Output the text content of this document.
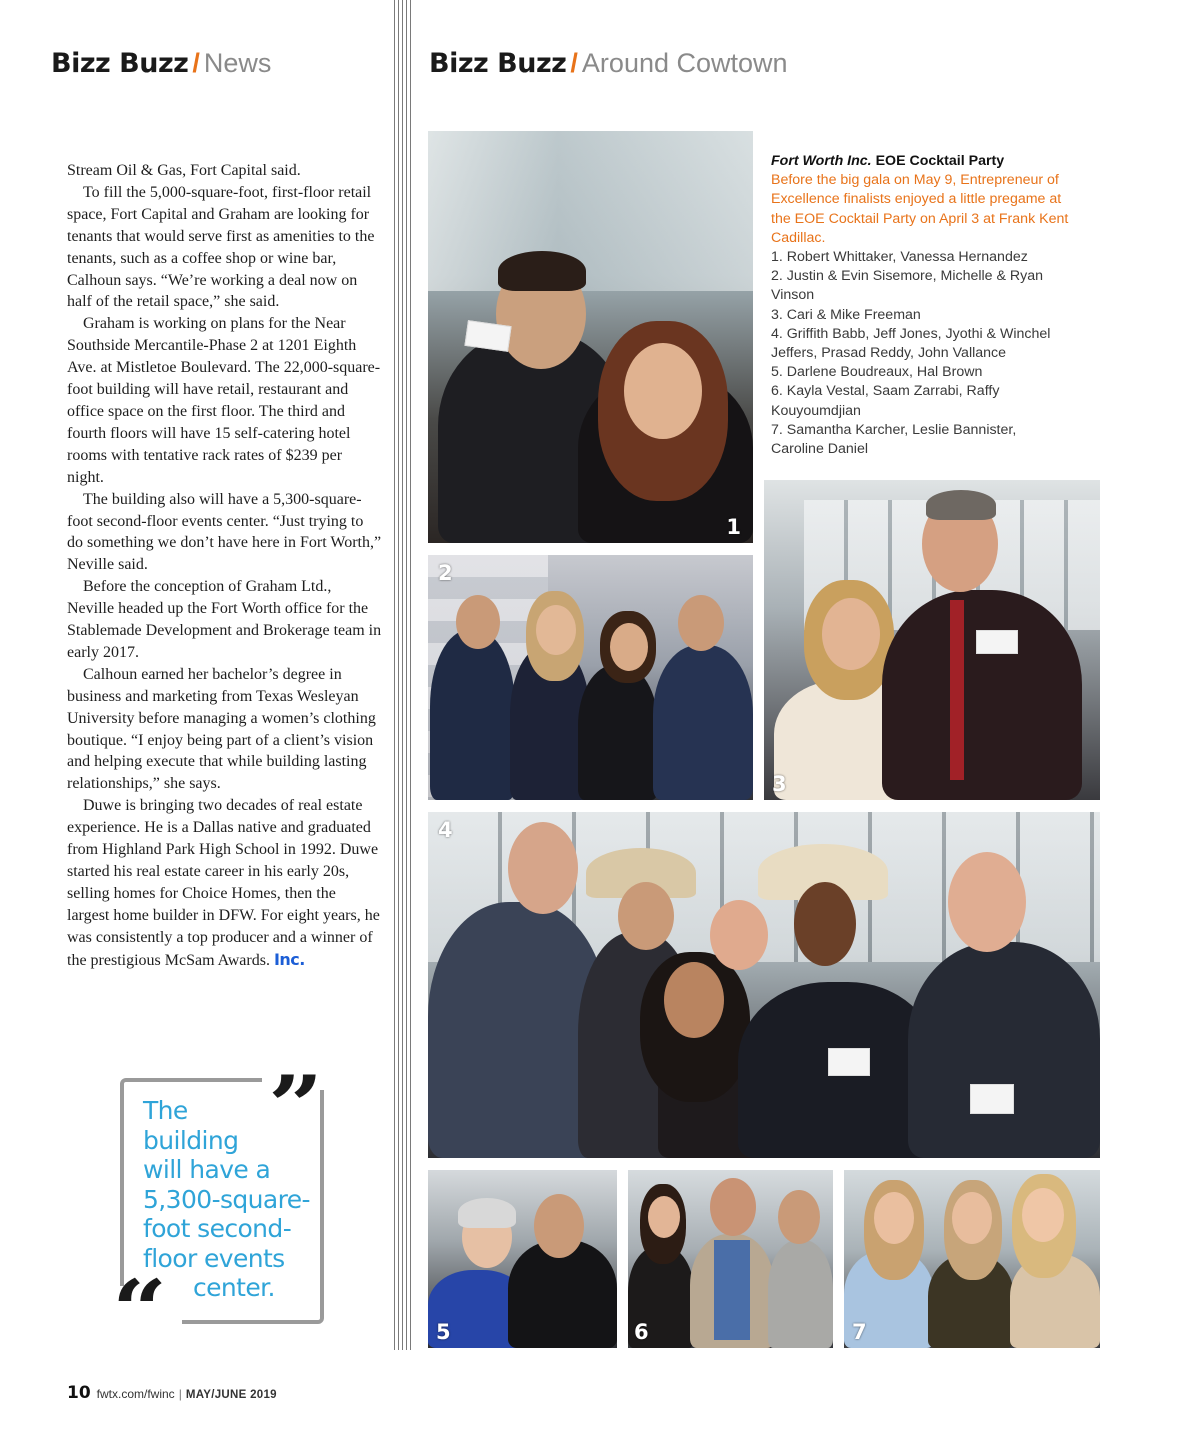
Bizz Buzz / News	Bizz Buzz / Around Cowtown

Stream Oil & Gas, Fort Capital said.

To fill the 5,000-square-foot, first-floor retail space, Fort Capital and Graham are looking for tenants that would serve first as amenities to the tenants, such as a coffee shop or wine bar, Calhoun says. “We’re working a deal now on half of the retail space,” she said.

Graham is working on plans for the Near Southside Mercantile-Phase 2 at 1201 Eighth Ave. at Mistletoe Boulevard. The 22,000-square-foot building will have retail, restaurant and office space on the first floor. The third and fourth floors will have 15 self-catering hotel rooms with tentative rack rates of $239 per night.

The building also will have a 5,300-square-foot second-floor events center. “Just trying to do something we don’t have here in Fort Worth,” Neville said.

Before the conception of Graham Ltd., Neville headed up the Fort Worth office for the Stablemade Development and Brokerage team in early 2017.

Calhoun earned her bachelor’s degree in business and marketing from Texas Wesleyan University before managing a women’s clothing boutique. “I enjoy being part of a client’s vision and helping execute that while building lasting relationships,” she says.

Duwe is bringing two decades of real estate experience. He is a Dallas native and graduated from Highland Park High School in 1992. Duwe started his real estate career in his early 20s, selling homes for Choice Homes, then the largest home builder in DFW. For eight years, he was consistently a top producer and a winner of the prestigious McSam Awards. Inc.

”
The
building
will have a
5,300-square-
foot second-
floor events
center.
“
1
Fort Worth Inc. EOE Cocktail Party
Before the big gala on May 9, Entrepreneur of Excellence finalists enjoyed a little pregame at the EOE Cocktail Party on April 3 at Frank Kent Cadillac.
1. Robert Whittaker, Vanessa Hernandez
2. Justin & Evin Sisemore, Michelle & Ryan Vinson
3. Cari & Mike Freeman
4. Griffith Babb, Jeff Jones, Jyothi & Winchel Jeffers, Prasad Reddy, John Vallance
5. Darlene Boudreaux, Hal Brown
6. Kayla Vestal, Saam Zarrabi, Raffy Kouyoumdjian
7. Samantha Karcher, Leslie Bannister, Caroline Daniel
2
3
4
5	6	7
10 fwtx.com/fwinc | MAY/JUNE 2019
